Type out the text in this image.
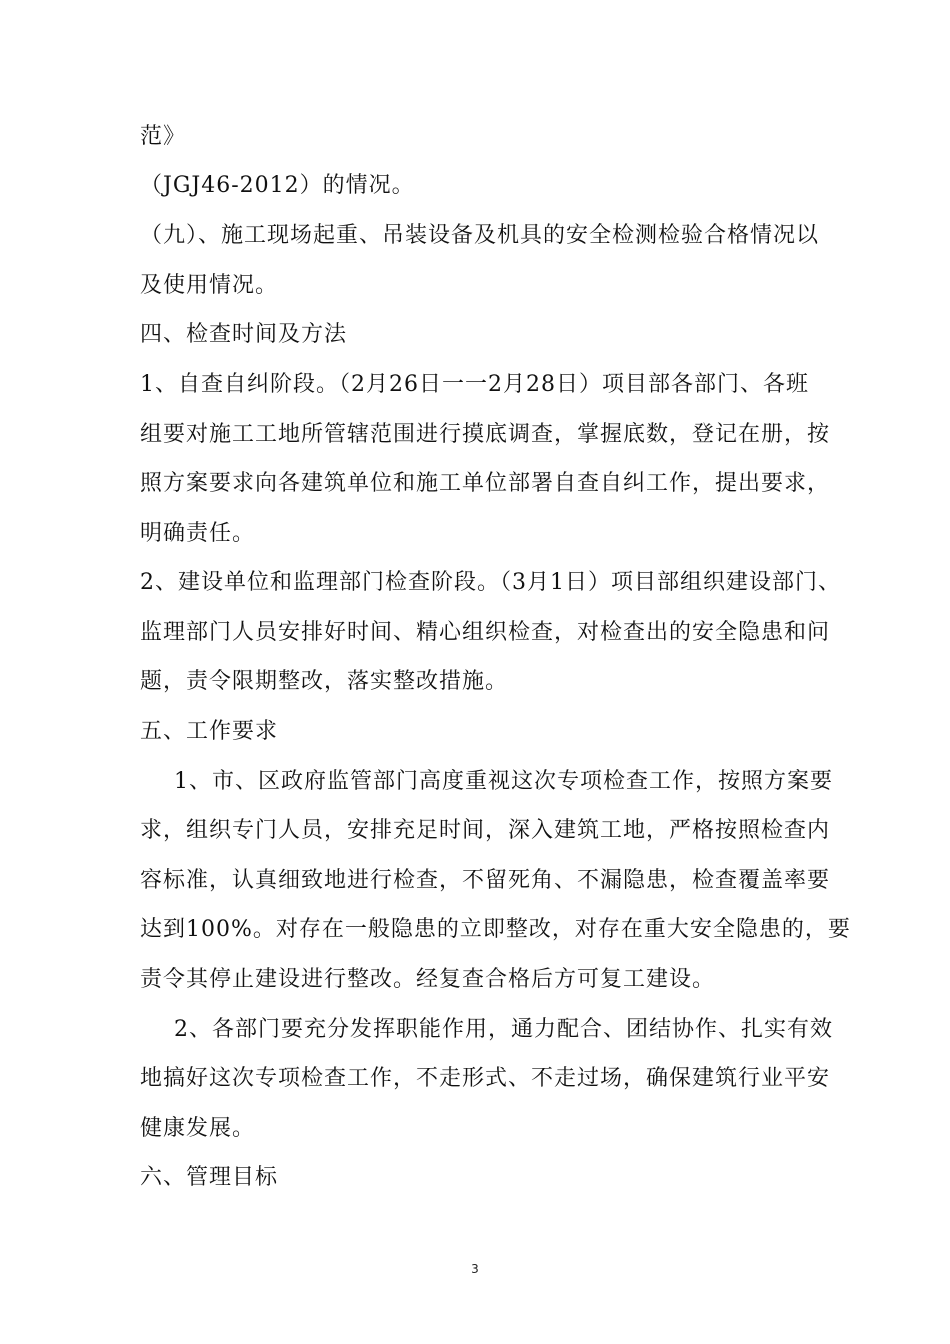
范》
（JGJ46-2012）的情况。
（九）、施工现场起重、吊装设备及机具的安全检测检验合格情况以
及使用情况。
四、检查时间及方法
1、自查自纠阶段。（2月26日一一2月28日）项目部各部门、各班
组要对施工工地所管辖范围进行摸底调查，掌握底数，登记在册，按
照方案要求向各建筑单位和施工单位部署自查自纠工作，提出要求，
明确责任。
2、建设单位和监理部门检查阶段。（3月1日）项目部组织建设部门、
监理部门人员安排好时间、精心组织检查，对检查出的安全隐患和问
题，责令限期整改，落实整改措施。
五、工作要求
1、市、区政府监管部门高度重视这次专项检查工作，按照方案要
求，组织专门人员，安排充足时间，深入建筑工地，严格按照检查内
容标准，认真细致地进行检查，不留死角、不漏隐患，检查覆盖率要
达到100%。对存在一般隐患的立即整改，对存在重大安全隐患的，要
责令其停止建设进行整改。经复查合格后方可复工建设。
2、各部门要充分发挥职能作用，通力配合、团结协作、扎实有效
地搞好这次专项检查工作，不走形式、不走过场，确保建筑行业平安
健康发展。
六、管理目标
3
